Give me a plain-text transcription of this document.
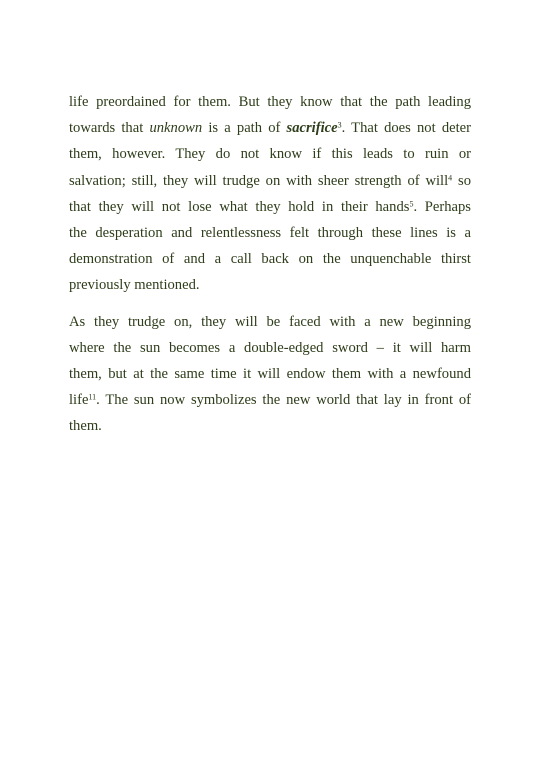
life preordained for them. But they know that the path leading
towards that unknown is a path of sacrifice$^3$. That does not deter
them, however. They do not know if this leads to ruin or
salvation; still, they will trudge on with sheer strength of will$^4$ so
that they will not lose what they hold in their hands$^5$. Perhaps
the desperation and relentlessness felt through these lines is a
demonstration of and a call back on the unquenchable thirst
previously mentioned.

As they trudge on, they will be faced with a new beginning
where the sun becomes a double-edged sword – it will harm
them, but at the same time it will endow them with a newfound
life$^{11}$. The sun now symbolizes the new world that lay in front of
them.
